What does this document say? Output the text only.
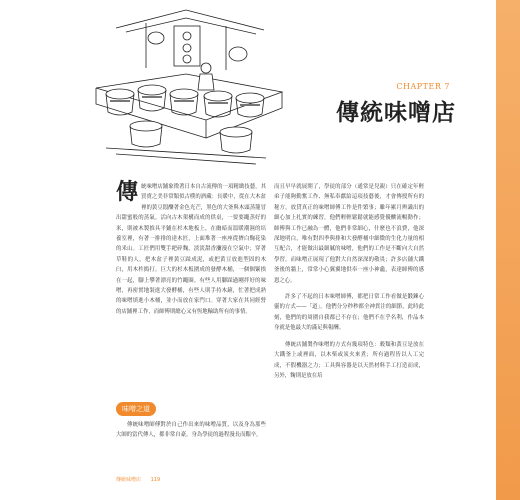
CHAPTER 7
傳統味噌店
傳 統味噌店鋪象徵著日本自古流傳的一項精緻技藝，其買賣之美非常類似古樸的酒藏：長暖中，從在大木盆裡的黃豆悶釀著金色光芒，黑色的大釜與木頭蒸籠冒出甜蜜般的蒸氣。活向古木架構而成的供桌，一要要繩蒸好的米，則被木製推具平鋪在杉木地板上，在幽暗而溫暖潮濕的培養室裡，有著一排排的達木匠，上面堆著一座座從擠白麴花染的米山。工匠們用雙手耙碎麴，淡淡甜香瀰漫在空氣中；穿著草鞋的人，把木盆子裡黃豆踩成泥，或把黃豆放進型固的木臼，用木杵搗打。巨大的杉木板圍成的發酵木桶，一個個緊挨在一起，腳上攀著漂亮的竹繩圈。有些人用腳踩過剛拌好的味噌，再密實地裝進大發酵桶，有些人則手持木鏟，忙著把成熟的味噌填進小木桶，並小而放在家門口。穿著大家在其同經營的店鋪裡工作，而師傅則總心又有恆地輸助所有的事情。

味噌之道

傳統味噌師傅對於自己作出來的味噌品質，以及身為那些大師的當代傳人，都非常自豪，身為學徒的過程漫長而艱辛，

而且早早就展開了，學徒的部分（通常是兒親）只在確定年輕弟子能夠勤奮工作、無私奉獻給這項技藝後，才會傳授所有的秘方。放貸真正的味噌師傅工作是件繁事；雖年累月辨識出的細心加上扎實的練習，他們輕輕鬆鬆就能感覺優釀流暢動作；師傅與工作已融為一體，他們非常細心，什麼也不浪費，他深深地明白，唯有對四季與排和大發酵桶中細微的生化力量的相互配合，才能做出最細膩的味噌，他們的工作是不斷向大自然學習，而味噌正展現了他對大自然深深的敬畏；許多店舖大鐵釜後的牆上，常常小心翼翼地供奉一座小神龕，表達師傅的感恩之心。

許多了不起的日本味噌師傅，都把日常工作看做是鍛鍊心靈的方式——「道」。他們分分秒秒都全神貫注的細節，此時此刻，他們的的周圍自我都已不存在；他們不在乎名利，作品本身就是他最大的滿足與報酬。

傳統店鋪製作味噌的方式有幾項特色：穀類和黃豆是放在大鐵釜上或裡面，以木柴或炭火來煮；所有過程皆以人工完成，不假機器之力；工具與容器是以天然材料手工打造而成，另外，麴則是放在培

傳統味噌店 119
